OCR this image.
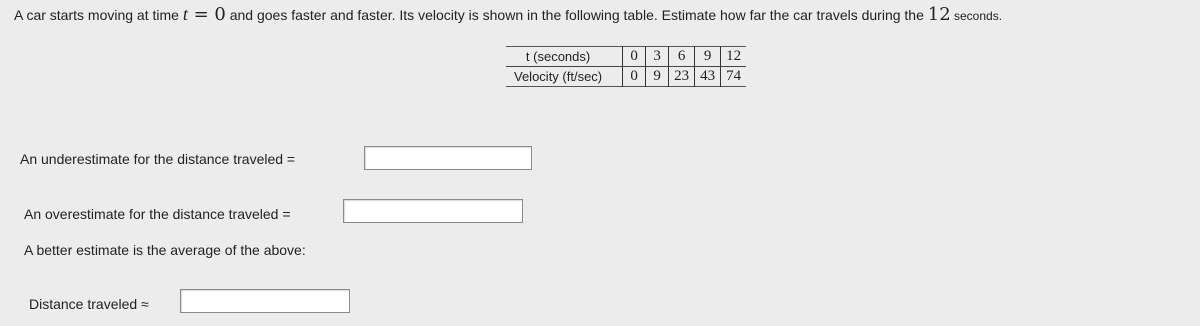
A car starts moving at time t = 0 and goes faster and faster. Its velocity is shown in the following table. Estimate how far the car travels during the 12 seconds.
t (seconds)	0	3	6	9	12
Velocity (ft/sec)	0	9	23	43	74
An underestimate for the distance traveled =
An overestimate for the distance traveled =
A better estimate is the average of the above:
Distance traveled ≈
